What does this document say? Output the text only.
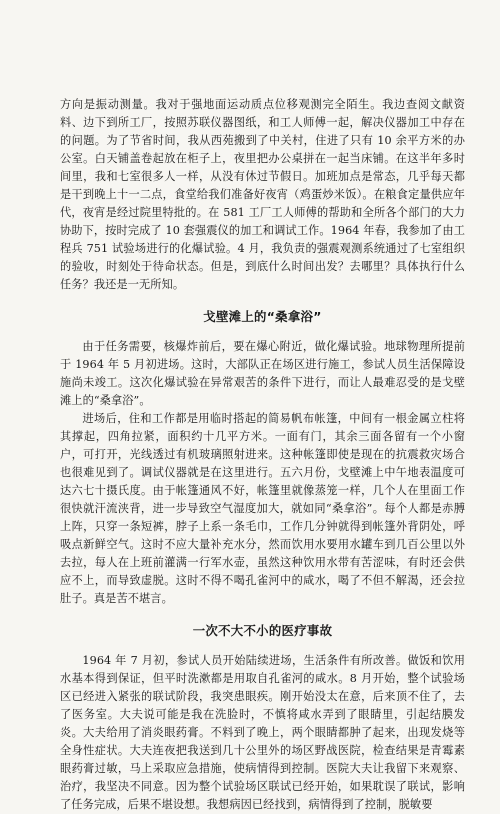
方向是振动测量。我对于强地面运动质点位移观测完全陌生。我边查阅文献资料、边下到所工厂，按照苏联仪器图纸，和工人师傅一起，解决仪器加工中存在的问题。为了节省时间，我从西苑搬到了中关村，住进了只有 10 余平方米的办公室。白天铺盖卷起放在柜子上，夜里把办公桌拼在一起当床铺。在这半年多时间里，我和七室很多人一样，从没有休过节假日。加班加点是常态，几乎每天都是干到晚上十一二点，食堂给我们准备好夜宵（鸡蛋炒米饭）。在粮食定量供应年代，夜宵是经过院里特批的。在 581 工厂工人师傅的帮助和全所各个部门的大力协助下，按时完成了 10 套强震仪的加工和调试工作。1964 年春，我参加了由工程兵 751 试验场进行的化爆试验。4 月，我负责的强震观测系统通过了七室组织的验收，时刻处于待命状态。但是，到底什么时间出发？去哪里？具体执行什么任务？我还是一无所知。

戈壁滩上的“桑拿浴”

由于任务需要，核爆炸前后，要在爆心附近，做化爆试验。地球物理所提前于 1964 年 5 月初进场。这时，大部队正在场区进行施工，参试人员生活保障设施尚未竣工。这次化爆试验在异常艰苦的条件下进行，而让人最难忍受的是戈壁滩上的“桑拿浴”。

进场后，住和工作都是用临时搭起的简易帆布帐篷，中间有一根金属立柱将其撑起，四角拉紧，面积约十几平方米。一面有门，其余三面各留有一个小窗户，可打开，光线透过有机玻璃照射进来。这种帐篷即使是现在的抗震救灾场合也很难见到了。调试仪器就是在这里进行。五六月份，戈壁滩上中午地表温度可达六七十摄氏度。由于帐篷通风不好，帐篷里就像蒸笼一样，几个人在里面工作很快就汗流浃背，进一步导致空气湿度加大，就如同“桑拿浴”。每个人都是赤膊上阵，只穿一条短裤，脖子上系一条毛巾，工作几分钟就得到帐篷外背阴处，呼吸点新鲜空气。这时不应大量补充水分，然而饮用水要用水罐车到几百公里以外去拉，每人在上班前灌满一行军水壶，虽然这种饮用水带有苦涩味，有时还会供应不上，而导致虚脱。这时不得不喝孔雀河中的咸水，喝了不但不解渴，还会拉肚子。真是苦不堪言。

一次不大不小的医疗事故

1964 年 7 月初，参试人员开始陆续进场，生活条件有所改善。做饭和饮用水基本得到保证，但平时洗漱都是用取自孔雀河的咸水。8 月开始，整个试验场区已经进入紧张的联试阶段，我突患眼疾。刚开始没太在意，后来顶不住了，去了医务室。大夫说可能是我在洗脸时，不慎将咸水弄到了眼睛里，引起结膜发炎。大夫给用了消炎眼药膏。不料到了晚上，两个眼睛都肿了起来，出现发烧等全身性症状。大夫连夜把我送到几十公里外的场区野战医院，检查结果是青霉素眼药膏过敏，马上采取应急措施，使病情得到控制。医院大夫让我留下来观察、治疗，我坚决不同意。因为整个试验场区联试已经开始，如果耽误了联试，影响了任务完成，后果不堪设想。我想病因已经找到，病情得到了控制，脱敏要
